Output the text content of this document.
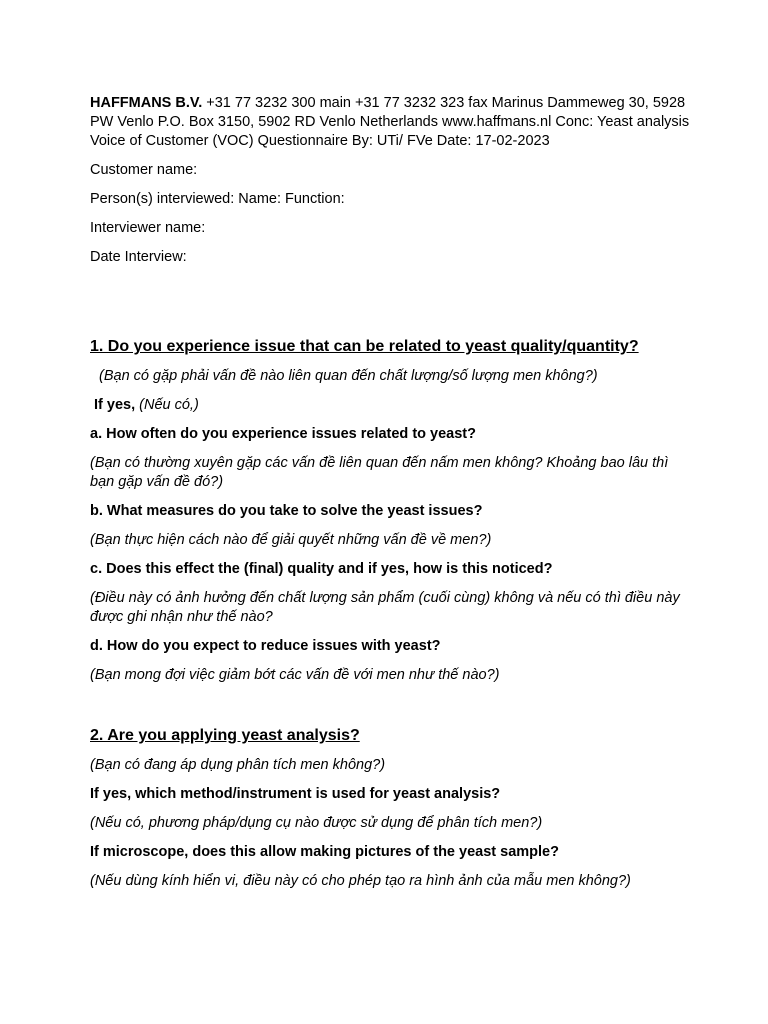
HAFFMANS B.V. +31 77 3232 300 main +31 77 3232 323 fax Marinus Dammeweg 30, 5928 PW Venlo P.O. Box 3150, 5902 RD Venlo Netherlands www.haffmans.nl Conc: Yeast analysis Voice of Customer (VOC) Questionnaire By: UTi/ FVe Date: 17-02-2023

Customer name:

Person(s) interviewed: Name: Function:

Interviewer name:

Date Interview:

1. Do you experience issue that can be related to yeast quality/quantity?

(Bạn có gặp phải vấn đề nào liên quan đến chất lượng/số lượng men không?)

If yes, (Nếu có,)

a. How often do you experience issues related to yeast?

(Bạn có thường xuyên gặp các vấn đề liên quan đến nấm men không? Khoảng bao lâu thì bạn gặp vấn đề đó?)

b. What measures do you take to solve the yeast issues?

(Bạn thực hiện cách nào để giải quyết những vấn đề về men?)

c. Does this effect the (final) quality and if yes, how is this noticed?

(Điều này có ảnh hưởng đến chất lượng sản phẩm (cuối cùng) không và nếu có thì điều này được ghi nhận như thế nào?

d. How do you expect to reduce issues with yeast?

(Bạn mong đợi việc giảm bớt các vấn đề với men như thế nào?)

2. Are you applying yeast analysis?

(Bạn có đang áp dụng phân tích men không?)

If yes, which method/instrument is used for yeast analysis?

(Nếu có, phương pháp/dụng cụ nào được sử dụng để phân tích men?)

If microscope, does this allow making pictures of the yeast sample?

(Nếu dùng kính hiển vi, điều này có cho phép tạo ra hình ảnh của mẫu men không?)
